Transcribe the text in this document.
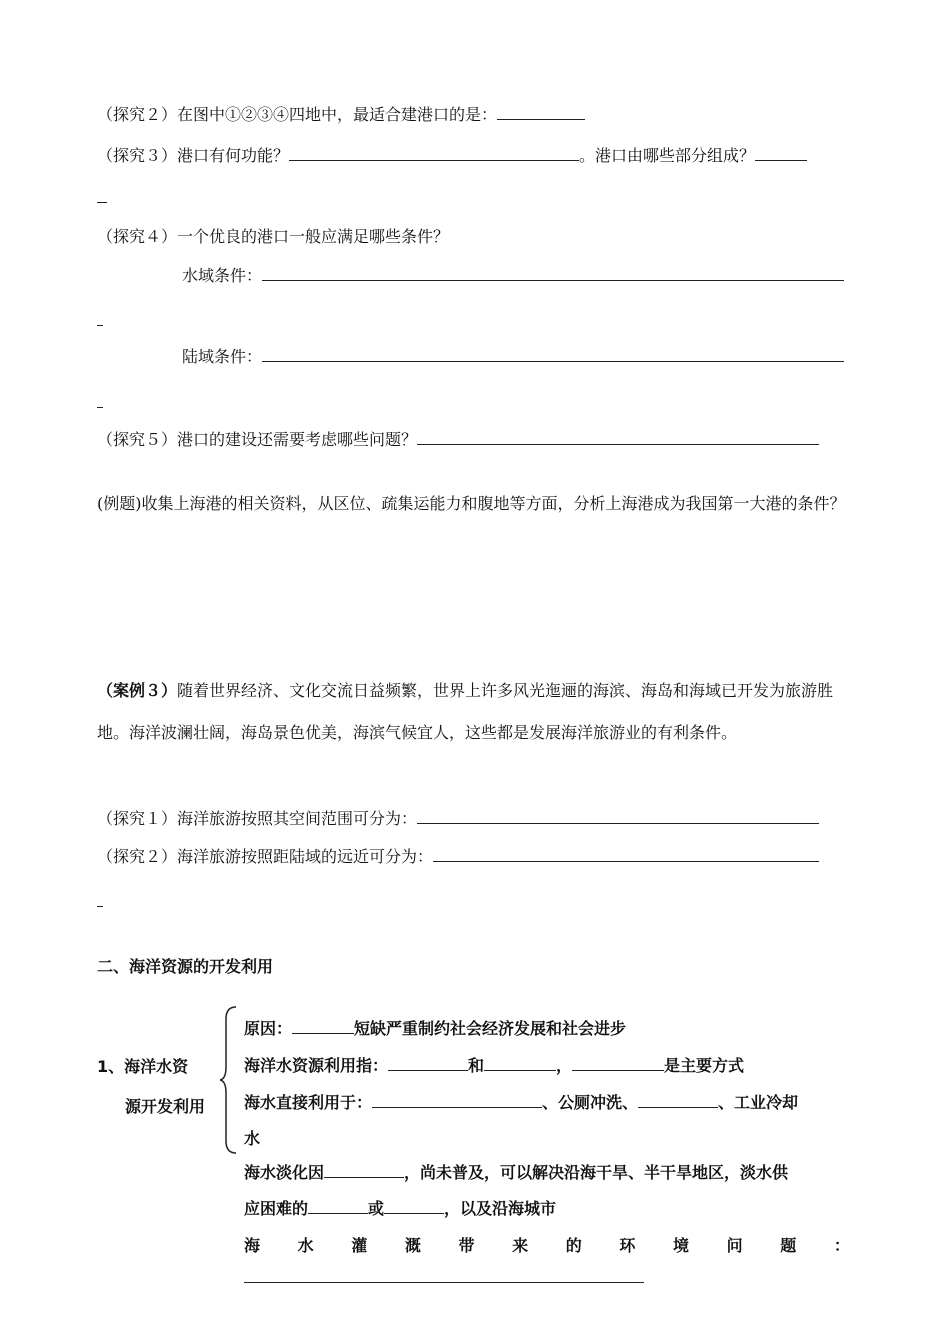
（探究２）在图中①②③④四地中，最适合建港口的是：
（探究３）港口有何功能？	。港口由哪些部分组成？
（探究４）一个优良的港口一般应满足哪些条件？
水域条件：
陆域条件：
（探究５）港口的建设还需要考虑哪些问题？
(例题)收集上海港的相关资料，从区位、疏集运能力和腹地等方面，分析上海港成为我国第一大港的条件？
（案例３）随着世界经济、文化交流日益频繁，世界上许多风光迤逦的海滨、海岛和海域已开发为旅游胜地。海洋波澜壮阔，海岛景色优美，海滨气候宜人，这些都是发展海洋旅游业的有利条件。
（探究１）海洋旅游按照其空间范围可分为：
（探究２）海洋旅游按照距陆域的远近可分为：
二、海洋资源的开发利用
1、海洋水资
源开发利用
原因：	短缺严重制约社会经济发展和社会进步
海洋水资源利用指：	和	，	是主要方式
海水直接利用于：	、公厕冲洗、	、工业冷却
水
海水淡化因	，尚未普及，可以解决沿海干旱、半干旱地区，淡水供
应困难的	或	，以及沿海城市
海 水 灌 溉 带 来 的 环 境 问 题 ：
